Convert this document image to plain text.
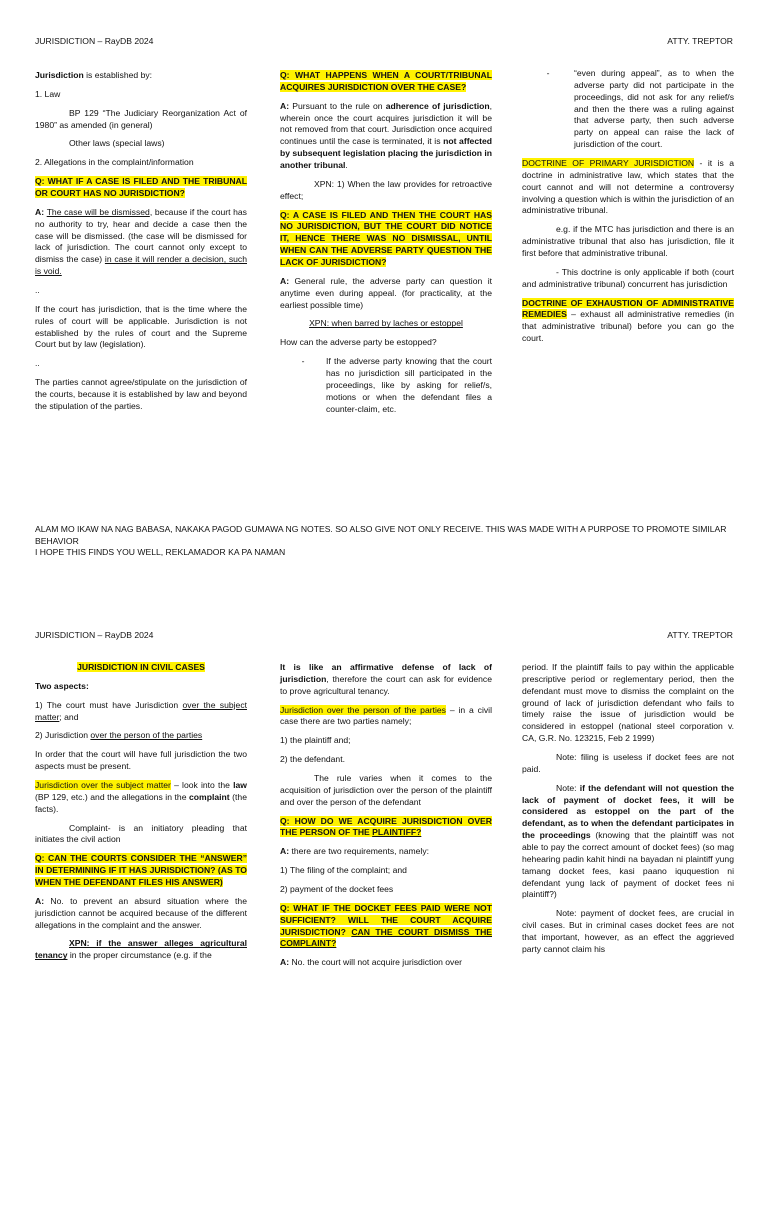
JURISDICTION – RayDB 2024	ATTY. TREPTOR

Jurisdiction is established by:

1. Law

BP 129 “The Judiciary Reorganization Act of 1980” as amended (in general)

Other laws (special laws)

2. Allegations in the complaint/information

Q: WHAT IF A CASE IS FILED AND THE TRIBUNAL OR COURT HAS NO JURISDICTION?

A: The case will be dismissed, because if the court has no authority to try, hear and decide a case then the case will be dismissed. (the case will be dismissed for lack of jurisdiction. The court cannot only except to dismiss the case) in case it will render a decision, such is void.

..

If the court has jurisdiction, that is the time where the rules of court will be applicable. Jurisdiction is not established by the rules of court and the Supreme Court but by law (legislation).

..

The parties cannot agree/stipulate on the jurisdiction of the courts, because it is established by law and beyond the stipulation of the parties.

Q: WHAT HAPPENS WHEN A COURT/TRIBUNAL ACQUIRES JURISDICTION OVER THE CASE?

A: Pursuant to the rule on adherence of jurisdiction, wherein once the court acquires jurisdiction it will be not removed from that court. Jurisdiction once acquired continues until the case is terminated, it is not affected by subsequent legislation placing the jurisdiction in another tribunal.

XPN: 1) When the law provides for retroactive effect;

Q: A CASE IS FILED AND THEN THE COURT HAS NO JURISDICTION, BUT THE COURT DID NOTICE IT, HENCE THERE WAS NO DISMISSAL, UNTIL WHEN CAN THE ADVERSE PARTY QUESTION THE LACK OF JURISDICTION?

A: General rule, the adverse party can question it anytime even during appeal. (for practicality, at the earliest possible time)

XPN: when barred by laches or estoppel

How can the adverse party be estopped?

-	If the adverse party knowing that the court has no jurisdiction sill participated in the proceedings, like by asking for relief/s, motions or when the defendant files a counter-claim, etc.
-	“even during appeal”, as to when the adverse party did not participate in the proceedings, did not ask for any relief/s and then the there was a ruling against that adverse party, then such adverse party on appeal can raise the lack of jurisdiction of the court.

DOCTRINE OF PRIMARY JURISDICTION - it is a doctrine in administrative law, which states that the court cannot and will not determine a controversy involving a question which is within the jurisdiction of an administrative tribunal.

e.g. if the MTC has jurisdiction and there is an administrative tribunal that also has jurisdiction, file it first before that administrative tribunal.

- This doctrine is only applicable if both (court and administrative tribunal) concurrent has jurisdiction

DOCTRINE OF EXHAUSTION OF ADMINISTRATIVE REMEDIES – exhaust all administrative remedies (in that administrative tribunal) before you can go the court.

ALAM MO IKAW NA NAG BABASA, NAKAKA PAGOD GUMAWA NG NOTES. SO ALSO GIVE NOT ONLY RECEIVE. THIS WAS MADE WITH A PURPOSE TO PROMOTE SIMILAR BEHAVIOR
I HOPE THIS FINDS YOU WELL, REKLAMADOR KA PA NAMAN
JURISDICTION – RayDB 2024	ATTY. TREPTOR

JURISDICTION IN CIVIL CASES

Two aspects:

1) The court must have Jurisdiction over the subject matter; and

2) Jurisdiction over the person of the parties

In order that the court will have full jurisdiction the two aspects must be present.

Jurisdiction over the subject matter – look into the law (BP 129, etc.) and the allegations in the complaint (the facts).

Complaint- is an initiatory pleading that initiates the civil action

Q: CAN THE COURTS CONSIDER THE “ANSWER” IN DETERMINING IF IT HAS JURISDICTION? (AS TO WHEN THE DEFENDANT FILES HIS ANSWER)

A: No. to prevent an absurd situation where the jurisdiction cannot be acquired because of the different allegations in the complaint and the answer.

XPN: if the answer alleges agricultural tenancy in the proper circumstance (e.g. if the

It is like an affirmative defense of lack of jurisdiction, therefore the court can ask for evidence to prove agricultural tenancy.

Jurisdiction over the person of the parties – in a civil case there are two parties namely;

1) the plaintiff and;

2) the defendant.

The rule varies when it comes to the acquisition of jurisdiction over the person of the plaintiff and over the person of the defendant

Q: HOW DO WE ACQUIRE JURISDICTION OVER THE PERSON OF THE PLAINTIFF?

A: there are two requirements, namely:

1) The filing of the complaint; and

2) payment of the docket fees

Q: WHAT IF THE DOCKET FEES PAID WERE NOT SUFFICIENT? WILL THE COURT ACQUIRE JURISDICTION? CAN THE COURT DISMISS THE COMPLAINT?

A: No. the court will not acquire jurisdiction over

period. If the plaintiff fails to pay within the applicable prescriptive period or reglementary period, then the defendant must move to dismiss the complaint on the ground of lack of jurisdiction defendant who fails to timely raise the issue of jurisdiction would be considered in estoppel (national steel corporation v. CA, G.R. No. 123215, Feb 2 1999)

Note: filing is useless if docket fees are not paid.

Note: if the defendant will not question the lack of payment of docket fees, it will be considered as estoppel on the part of the defendant, as to when the defendant participates in the proceedings (knowing that the plaintiff was not able to pay the correct amount of docket fees) (so mag hehearing padin kahit hindi na bayadan ni plaintiff yung tamang docket fees, kasi paano iququestion ni defendant yung lack of payment of docket fees ni plaintiff?)

Note: payment of docket fees, are crucial in civil cases. But in criminal cases docket fees are not that important, however, as an effect the aggrieved party cannot claim his
